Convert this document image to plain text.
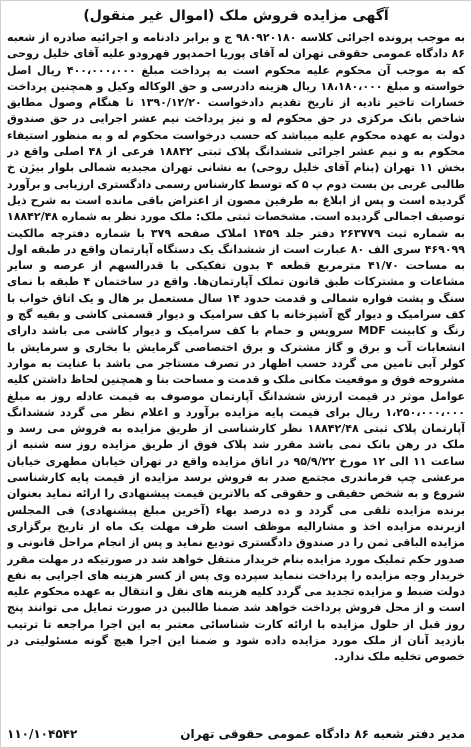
آگهی مزایده فروش ملک (اموال غیر منقول)

به موجب پرونده اجرائی کلاسه ۹۸۰۹۲۰۱۸۰ ج و برابر دادنامه و اجرائیه صادره از شعبه ۸۶ دادگاه عمومی حقوقی تهران له آقای پوریا احمدپور قهرودو علیه آقای خلیل روحی که به موجب آن محکوم علیه محکوم است به پرداخت مبلغ ۴۰۰،۰۰۰،۰۰۰ ریال اصل خواسته و مبلغ ۱۸،۱۸۰،۰۰۰ ریال هزینه دادرسی و حق الوکاله وکیل و همچنین پرداخت خسارات تاخیر تادیه از تاریخ تقدیم دادخواست ۱۳۹۰/۱۲/۲۰ تا هنگام وصول مطابق شاخص بانک مرکزی در حق محکوم له و نیز پرداخت نیم عشر اجرایی در حق صندوق دولت به عهده محکوم علیه میباشد که حسب درخواست محکوم له و به منظور استیفاء محکوم به و نیم عشر اجرائی ششدانگ پلاک ثبتی ۱۸۸۴۲ فرعی از ۴۸ اصلی واقع در بخش ۱۱ تهران (بنام آقای خلیل روحی) به نشانی تهران مجیدیه شمالی بلوار بیژن خ طالبی غربی بن بست دوم پ ۵ که توسط کارشناس رسمی دادگستری ارزیابی و برآورد گردیده است و پس از ابلاغ به طرفین مصون از اعتراض باقی مانده است به شرح ذیل توصیف اجمالی گردیده است. مشخصات ثبتی ملک: ملک مورد نظر به شماره ۱۸۸۴۲/۴۸ به شماره ثبت ۲۶۳۷۷۹ دفتر جلد ۱۴۵۹ املاک صفحه ۳۷۹ با شماره دفترچه مالکیت ۴۶۹۰۹۹ سری الف ۸۰ عبارت است از ششدانگ یک دستگاه آپارتمان واقع در طبقه اول به مساحت ۴۱/۷۰ مترمربع قطعه ۴ بدون تفکیکی با قدرالسهم از عرصه و سایر مشاعات و مشترکات طبق قانون تملک آپارتمان‌ها. واقع در ساختمان ۴ طبقه با نمای سنگ و پشت فواره شمالی و قدمت حدود ۱۴ سال مستعمل بر هال و یک اتاق خواب با کف سرامیک و دیوار گچ آشپزخانه با کف سرامیک و دیوار قسمتی کاشی و بقیه گچ و رنگ و کابینت MDF سرویس و حمام با کف سرامیک و دیوار کاشی می باشد دارای انشعابات آب و برق و گاز مشترک و برق اختصاصی گرمایش با بخاری و سرمایش با کولر آبی تامین می گردد حسب اظهار در تصرف مستاجر می باشد با عنایت به موارد مشروحه فوق و موقعیت مکانی ملک و قدمت و مساحت بنا و همچنین لحاظ داشتن کلیه عوامل موثر در قیمت ارزش ششدانگ آپارتمان موصوف به قیمت عادله روز به مبلغ ۱،۲۵۰،۰۰۰،۰۰۰ ریال برای قیمت پایه مزایده برآورد و اعلام نظر می گردد ششدانگ آپارتمان پلاک ثبتی ۱۸۸۴۲/۴۸ نظر کارشناسی از طریق مزایده به فروش می رسد و ملک در رهن بانک نمی باشد مقرر شد پلاک فوق از طریق مزایده روز سه شنبه از ساعت ۱۱ الی ۱۲ مورخ ۹۵/۹/۲۲ در اتاق مزایده واقع در تهران خیابان مطهری خیابان مرعشی چپ فرماندری مجتمع صدر به فروش برسد مزایده از قیمت پایه کارشناسی شروع و به شخص حقیقی و حقوقی که بالاترین قیمت پیشنهادی را ارائه نماید بعنوان برنده مزایده تلقی می گردد و ده درصد بهاء (آخرین مبلغ پیشنهادی) فی المجلس ازبرنده مزایده اخذ و مشارالیه موظف است ظرف مهلت یک ماه از تاریخ برگزاری مزایده الباقی ثمن را در صندوق دادگستری تودیع نماید و پس از انجام مراحل قانونی و صدور حکم تملیک مورد مزایده بنام خریدار منتقل خواهد شد در صورتیکه در مهلت مقرر خریدار وجه مزایده را پرداخت ننماید سپرده وی پس از کسر هزینه های اجرایی به نفع دولت ضبط و مزایده تجدید می گردد کلیه هزینه های نقل و انتقال به عهده محکوم علیه است و از محل فروش پرداخت خواهد شد ضمنا طالبین در صورت تمایل می توانند پنج روز قبل از حلول مزایده با ارائه کارت شناسائی معتبر به این اجرا مراجعه تا ترتیب بازدید آنان از ملک مورد مزایده داده شود و ضمنا این اجرا هیچ گونه مسئولیتی در خصوص تخلیه ملک ندارد.

مدیر دفتر شعبه ۸۶ دادگاه عمومی حقوقی تهران
۱۱۰/۱۰۴۵۴۲
